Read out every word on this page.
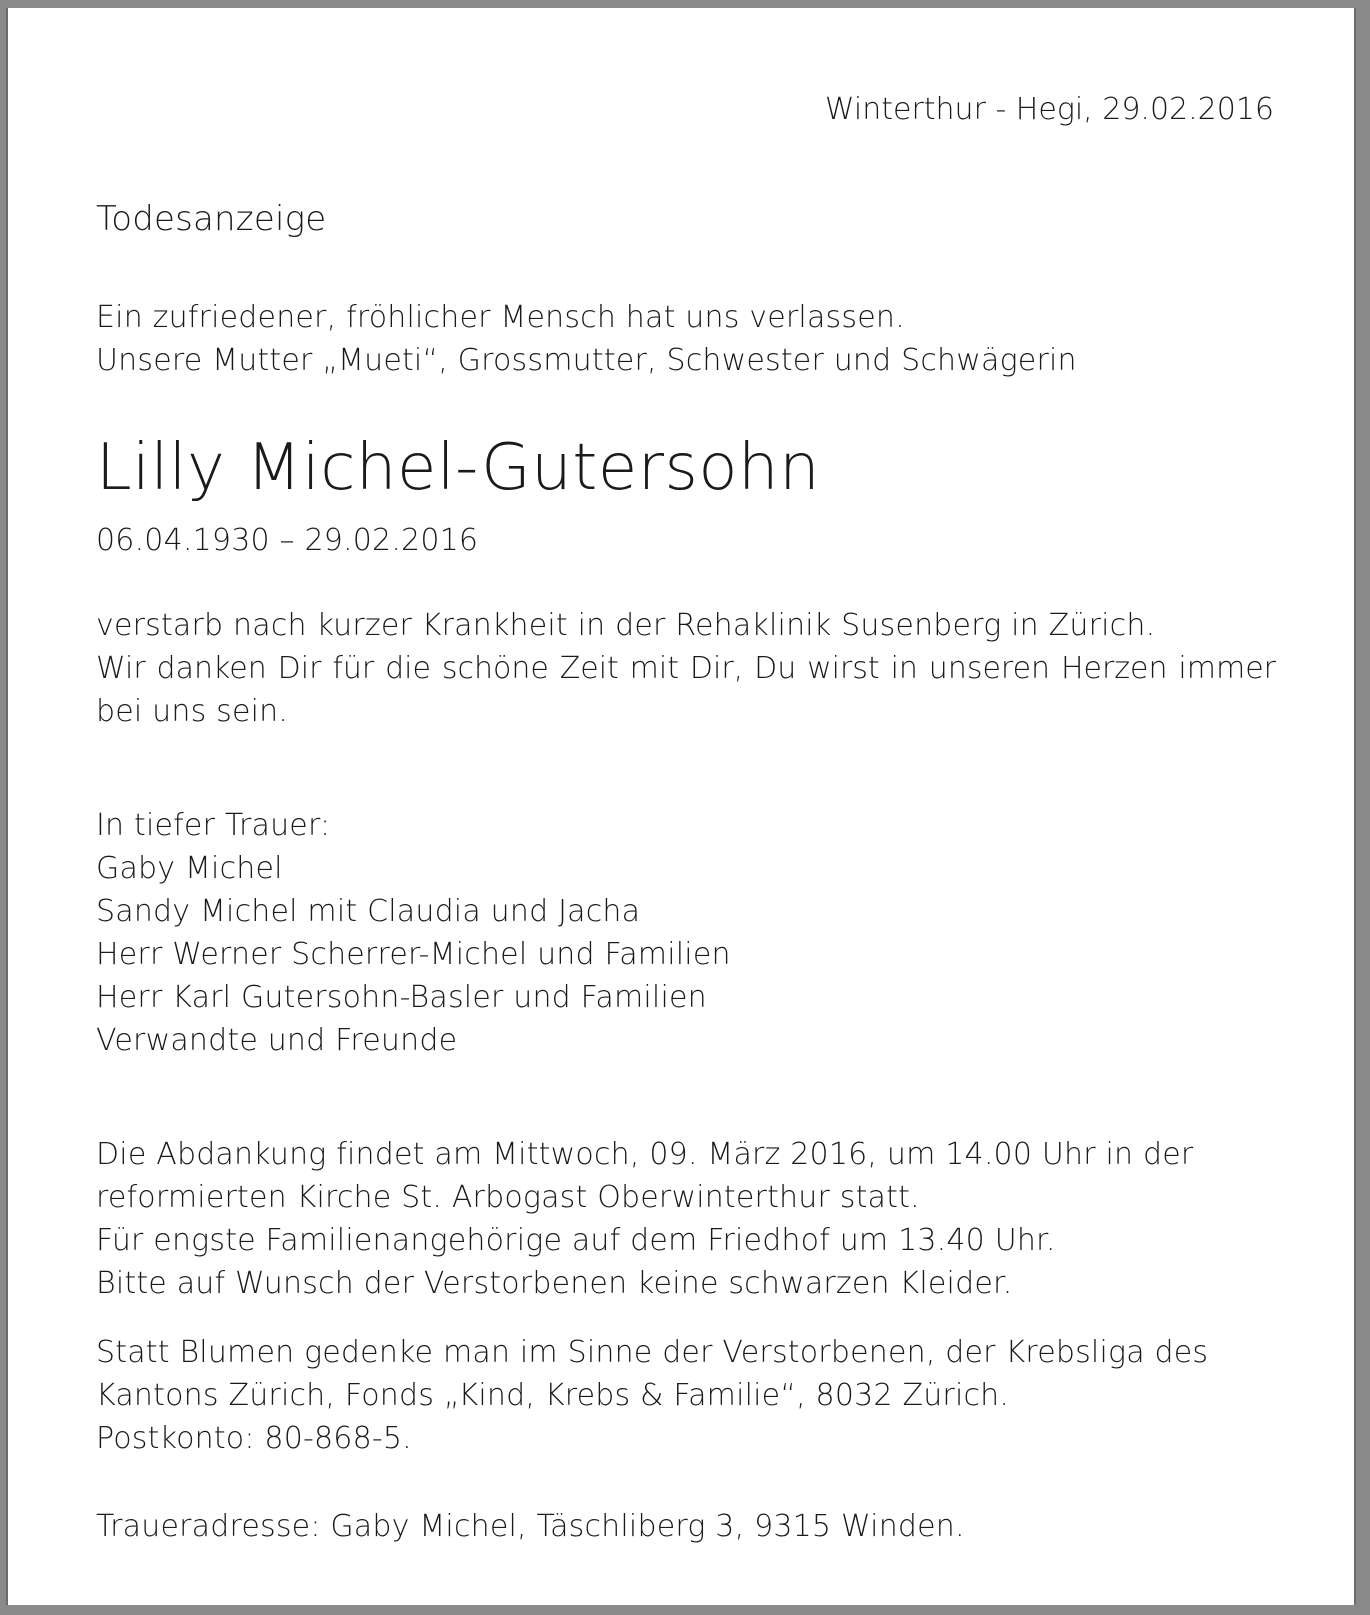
Winterthur - Hegi, 29.02.2016
Todesanzeige
Ein zufriedener, fröhlicher Mensch hat uns verlassen.
Unsere Mutter „Mueti“, Grossmutter, Schwester und Schwägerin
Lilly Michel-Gutersohn
06.04.1930 – 29.02.2016
verstarb nach kurzer Krankheit in der Rehaklinik Susenberg in Zürich.
Wir danken Dir für die schöne Zeit mit Dir, Du wirst in unseren Herzen immer
bei uns sein.
In tiefer Trauer:
Gaby Michel
Sandy Michel mit Claudia und Jacha
Herr Werner Scherrer-Michel und Familien
Herr Karl Gutersohn-Basler und Familien
Verwandte und Freunde
Die Abdankung findet am Mittwoch, 09. März 2016, um 14.00 Uhr in der
reformierten Kirche St. Arbogast Oberwinterthur statt.
Für engste Familienangehörige auf dem Friedhof um 13.40 Uhr.
Bitte auf Wunsch der Verstorbenen keine schwarzen Kleider.
Statt Blumen gedenke man im Sinne der Verstorbenen, der Krebsliga des
Kantons Zürich, Fonds „Kind, Krebs & Familie“, 8032 Zürich.
Postkonto: 80-868-5.
Traueradresse: Gaby Michel, Täschliberg 3, 9315 Winden.
